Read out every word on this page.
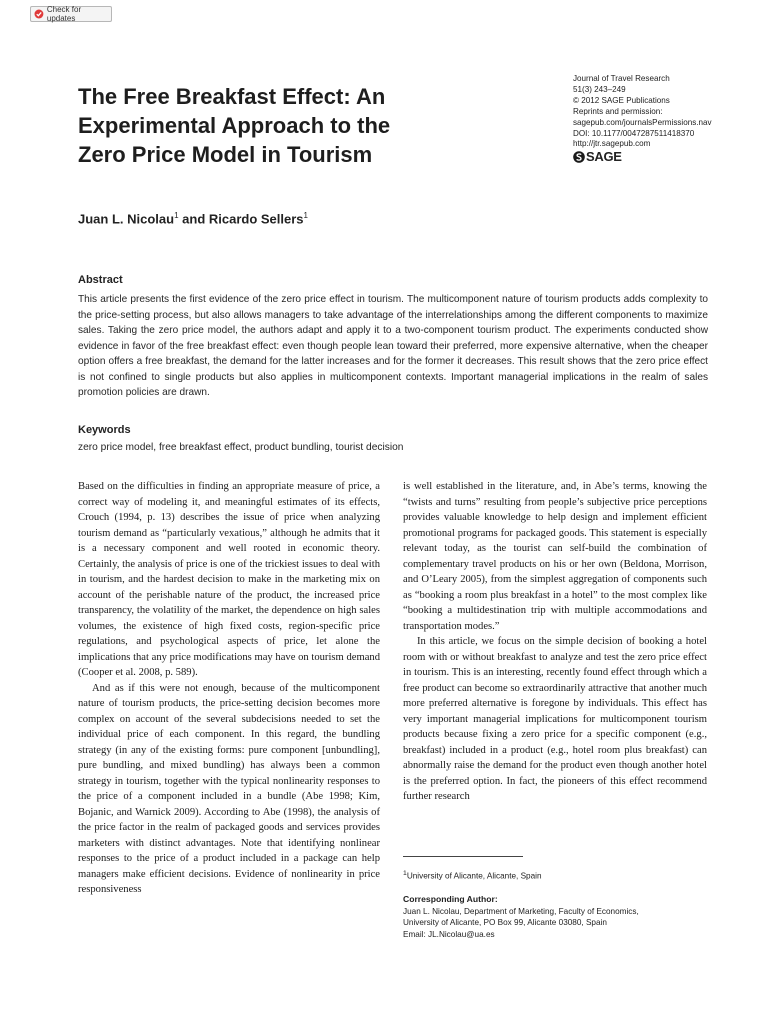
Check for updates
The Free Breakfast Effect: An Experimental Approach to the Zero Price Model in Tourism
Journal of Travel Research
51(3) 243–249
© 2012 SAGE Publications
Reprints and permission:
sagepub.com/journalsPermissions.nav
DOI: 10.1177/0047287511418370
http://jtr.sagepub.com
SAGE
Juan L. Nicolau$^1$ and Ricardo Sellers$^1$
Abstract

This article presents the first evidence of the zero price effect in tourism. The multicomponent nature of tourism products adds complexity to the price-setting process, but also allows managers to take advantage of the interrelationships among the different components to maximize sales. Taking the zero price model, the authors adapt and apply it to a two-component tourism product. The experiments conducted show evidence in favor of the free breakfast effect: even though people lean toward their preferred, more expensive alternative, when the cheaper option offers a free breakfast, the demand for the latter increases and for the former it decreases. This result shows that the zero price effect is not confined to single products but also applies in multicomponent contexts. Important managerial implications in the realm of sales promotion policies are drawn.

Keywords

zero price model, free breakfast effect, product bundling, tourist decision

Based on the difficulties in finding an appropriate measure of price, a correct way of modeling it, and meaningful estimates of its effects, Crouch (1994, p. 13) describes the issue of price when analyzing tourism demand as “particularly vexatious,” although he admits that it is a necessary component and well rooted in economic theory. Certainly, the analysis of price is one of the trickiest issues to deal with in tourism, and the hardest decision to make in the marketing mix on account of the perishable nature of the product, the increased price transparency, the volatility of the market, the dependence on high sales volumes, the existence of high fixed costs, region-specific price regulations, and psychological aspects of price, let alone the implications that any price modifications may have on tourism demand (Cooper et al. 2008, p. 589).

And as if this were not enough, because of the multicomponent nature of tourism products, the price-setting decision becomes more complex on account of the several subdecisions needed to set the individual price of each component. In this regard, the bundling strategy (in any of the existing forms: pure component [unbundling], pure bundling, and mixed bundling) has always been a common strategy in tourism, together with the typical nonlinearity responses to the price of a component included in a bundle (Abe 1998; Kim, Bojanic, and Warnick 2009). According to Abe (1998), the analysis of the price factor in the realm of packaged goods and services provides marketers with distinct advantages. Note that identifying nonlinear responses to the price of a product included in a package can help managers make efficient decisions. Evidence of nonlinearity in price responsiveness

is well established in the literature, and, in Abe’s terms, knowing the “twists and turns” resulting from people’s subjective price perceptions provides valuable knowledge to help design and implement efficient promotional programs for packaged goods. This statement is especially relevant today, as the tourist can self-build the combination of complementary travel products on his or her own (Beldona, Morrison, and O’Leary 2005), from the simplest aggregation of components such as “booking a room plus breakfast in a hotel” to the most complex like “booking a multidestination trip with multiple accommodations and transportation modes.”

In this article, we focus on the simple decision of booking a hotel room with or without breakfast to analyze and test the zero price effect in tourism. This is an interesting, recently found effect through which a free product can become so extraordinarily attractive that another much more preferred alternative is foregone by individuals. This effect has very important managerial implications for multicomponent tourism products because fixing a zero price for a specific component (e.g., breakfast) included in a product (e.g., hotel room plus breakfast) can abnormally raise the demand for the product even though another hotel is the preferred option. In fact, the pioneers of this effect recommend further research

$^1$University of Alicante, Alicante, Spain

Corresponding Author:

Juan L. Nicolau, Department of Marketing, Faculty of Economics,

University of Alicante, PO Box 99, Alicante 03080, Spain

Email: JL.Nicolau@ua.es
